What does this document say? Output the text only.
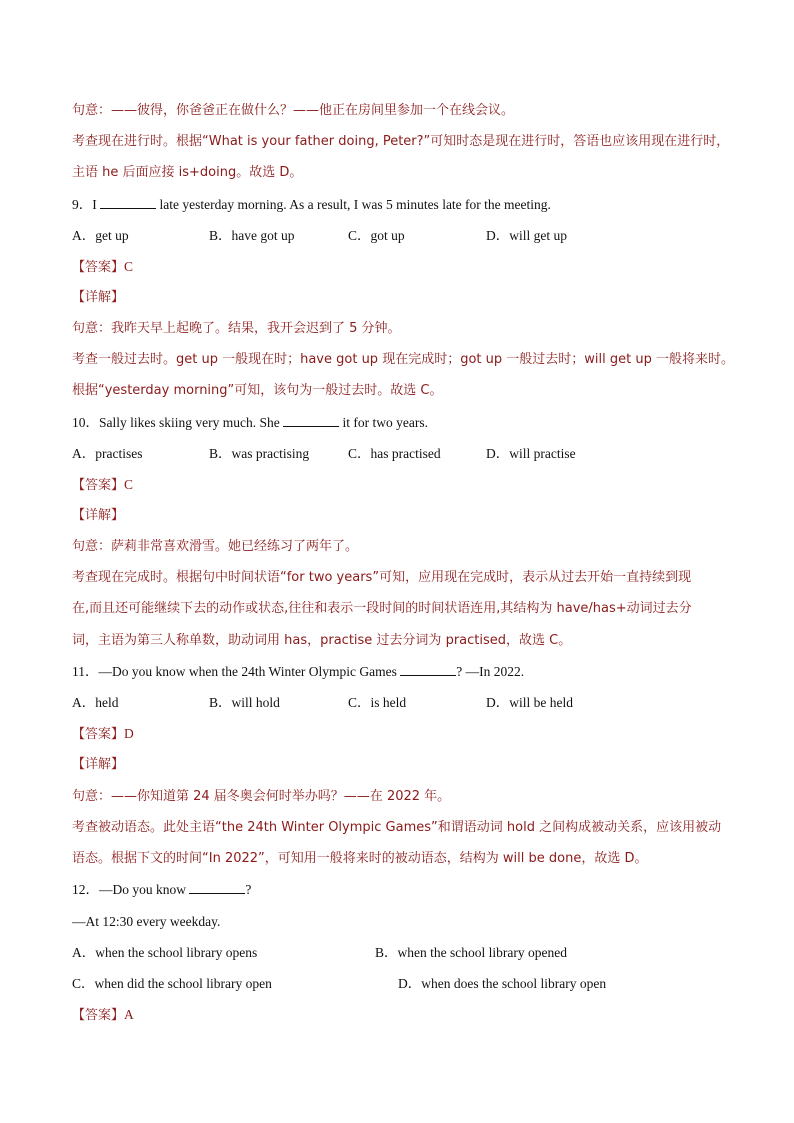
句意：——彼得，你爸爸正在做什么？——他正在房间里参加一个在线会议。
考查现在进行时。根据“What is your father doing, Peter?”可知时态是现在进行时，答语也应该用现在进行时，
主语 he 后面应接 is+doing。故选 D。
9．I	late yesterday morning. As a result, I was 5 minutes late for the meeting.
A．get up	B．have got up	C．got up	D．will get up
【答案】C
【详解】
句意：我昨天早上起晚了。结果，我开会迟到了 5 分钟。
考查一般过去时。get up 一般现在时；have got up 现在完成时；got up 一般过去时；will get up 一般将来时。
根据“yesterday morning”可知，该句为一般过去时。故选 C。
10．Sally likes skiing very much. She	it for two years.
A．practises	B．was practising	C．has practised	D．will practise
【答案】C
【详解】
句意：萨莉非常喜欢滑雪。她已经练习了两年了。
考查现在完成时。根据句中时间状语“for two years”可知，应用现在完成时，表示从过去开始一直持续到现
在,而且还可能继续下去的动作或状态,往往和表示一段时间的时间状语连用,其结构为 have/has+动词过去分
词，主语为第三人称单数，助动词用 has，practise 过去分词为 practised，故选 C。
11．—Do you know when the 24th Winter Olympic Games	? —In 2022.
A．held	B．will hold	C．is held	D．will be held
【答案】D
【详解】
句意：——你知道第 24 届冬奥会何时举办吗？——在 2022 年。
考查被动语态。此处主语“the 24th Winter Olympic Games”和谓语动词 hold 之间构成被动关系，应该用被动
语态。根据下文的时间“In 2022”，可知用一般将来时的被动语态，结构为 will be done，故选 D。
12．—Do you know	?
—At 12:30 every weekday.
A．when the school library opens	B．when the school library opened
C．when did the school library open	D．when does the school library open
【答案】A
